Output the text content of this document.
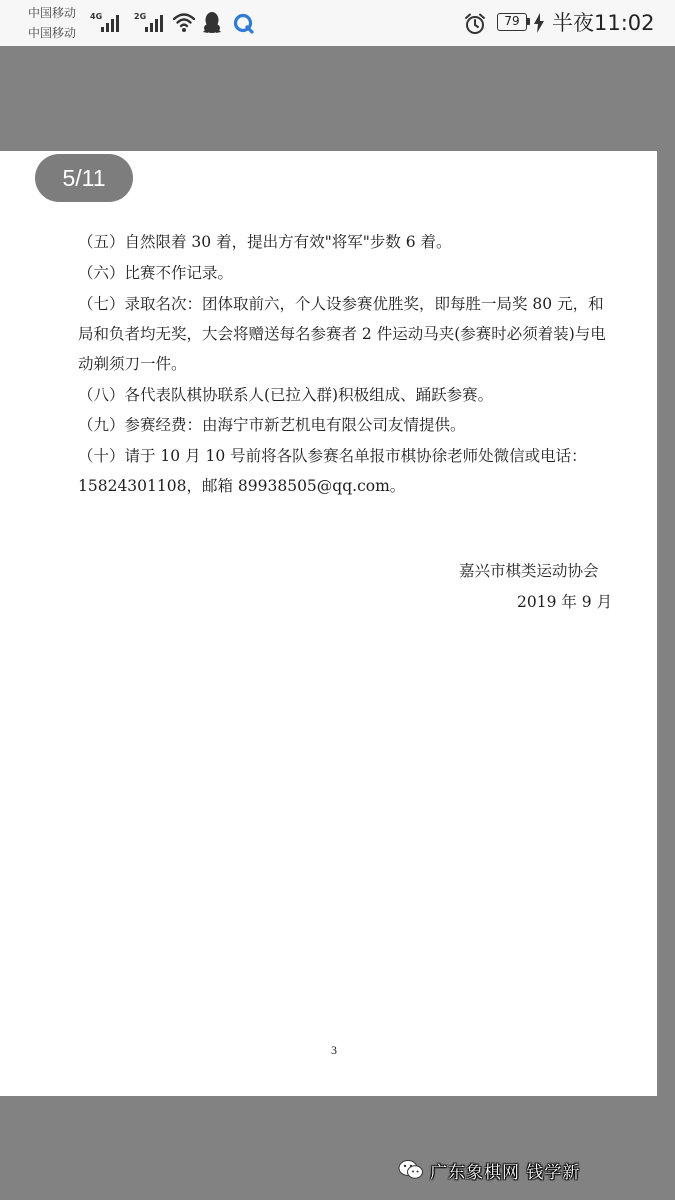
中国移动
中国移动
4G	2G	79	半夜11:02
5/11
（五）自然限着 30 着，提出方有效"将军"步数 6 着。
（六）比赛不作记录。
（七）录取名次：团体取前六，个人设参赛优胜奖，即每胜一局奖 80 元，和
局和负者均无奖，大会将赠送每名参赛者 2 件运动马夹(参赛时必须着装)与电
动剃须刀一件。
（八）各代表队棋协联系人(已拉入群)积极组成、踊跃参赛。
（九）参赛经费：由海宁市新艺机电有限公司友情提供。
（十）请于 10 月 10 号前将各队参赛名单报市棋协徐老师处微信或电话：
15824301108，邮箱 89938505@qq.com。
嘉兴市棋类运动协会
2019 年 9 月
3
广东象棋网 钱学新
